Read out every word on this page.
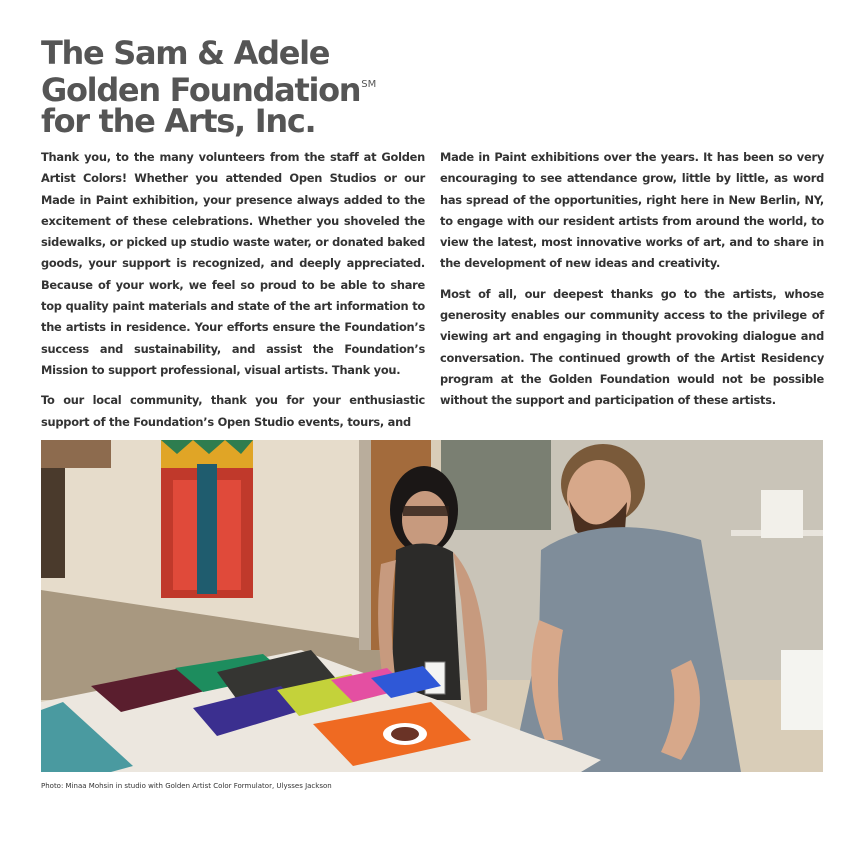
The Sam & Adele
Golden Foundation℠
for the Arts, Inc.

Thank you, to the many volunteers from the staff at Golden Artist Colors! Whether you attended Open Studios or our Made in Paint exhibition, your presence always added to the excitement of these celebrations. Whether you shoveled the sidewalks, or picked up studio waste water, or donated baked goods, your support is recognized, and deeply appreciated. Because of your work, we feel so proud to be able to share top quality paint materials and state of the art information to the artists in residence. Your efforts ensure the Foundation’s success and sustainability, and assist the Foundation’s Mission to support professional, visual artists. Thank you.

To our local community, thank you for your enthusiastic support of the Foundation’s Open Studio events, tours, and

Made in Paint exhibitions over the years. It has been so very encouraging to see attendance grow, little by little, as word has spread of the opportunities, right here in New Berlin, NY, to engage with our resident artists from around the world, to view the latest, most innovative works of art, and to share in the development of new ideas and creativity.

Most of all, our deepest thanks go to the artists, whose generosity enables our community access to the privilege of viewing art and engaging in thought provoking dialogue and conversation. The continued growth of the Artist Residency program at the Golden Foundation would not be possible without the support and participation of these artists.

Photo: Minaa Mohsin in studio with Golden Artist Color Formulator, Ulysses Jackson
